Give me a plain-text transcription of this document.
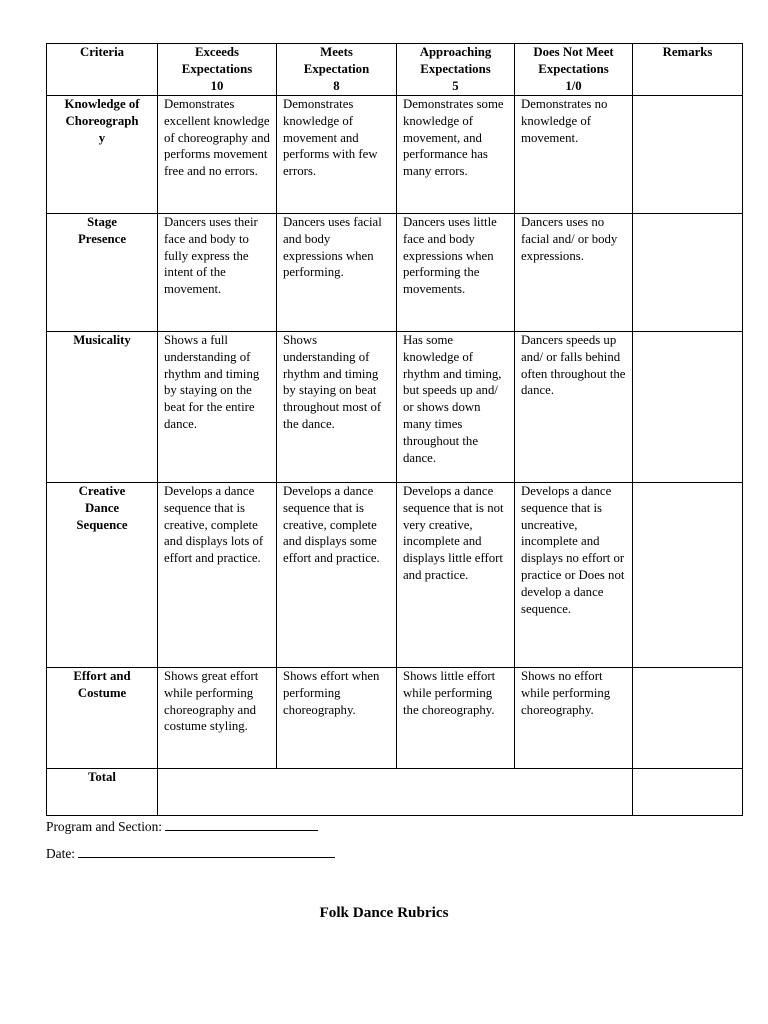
Criteria	Exceeds
Expectations
10	Meets
Expectation
8	Approaching
Expectations
5	Does Not Meet
Expectations
1/0	Remarks

Knowledge of
Choreograph
y	Demonstrates excellent knowledge of choreography and performs movement free and no errors.	Demonstrates knowledge of movement and performs with few errors.	Demonstrates some knowledge of movement, and performance has many errors.	Demonstrates no knowledge of movement.	

Stage
Presence	Dancers uses their face and body to fully express the intent of the movement.	Dancers uses facial and body expressions when performing.	Dancers uses little face and body expressions when performing the movements.	Dancers uses no facial and/ or body expressions.	

Musicality	Shows a full understanding of rhythm and timing by staying on the beat for the entire dance.	Shows understanding of rhythm and timing by staying on beat throughout most of the dance.	Has some knowledge of rhythm and timing, but speeds up and/ or shows down many times throughout the dance.	Dancers speeds up and/ or falls behind often throughout the dance.	

Creative
Dance
Sequence	Develops a dance sequence that is creative, complete and displays lots of effort and practice.	Develops a dance sequence that is creative, complete and displays some effort and practice.	Develops a dance sequence that is not very creative, incomplete and displays little effort and practice.	Develops a dance sequence that is uncreative, incomplete and displays no effort or practice or Does not develop a dance sequence.	

Effort and
Costume	Shows great effort while performing choreography and costume styling.	Shows effort when performing choreography.	Shows little effort while performing the choreography.	Shows no effort while performing choreography.	

Total					

Program and Section:
Date:
Folk Dance Rubrics
